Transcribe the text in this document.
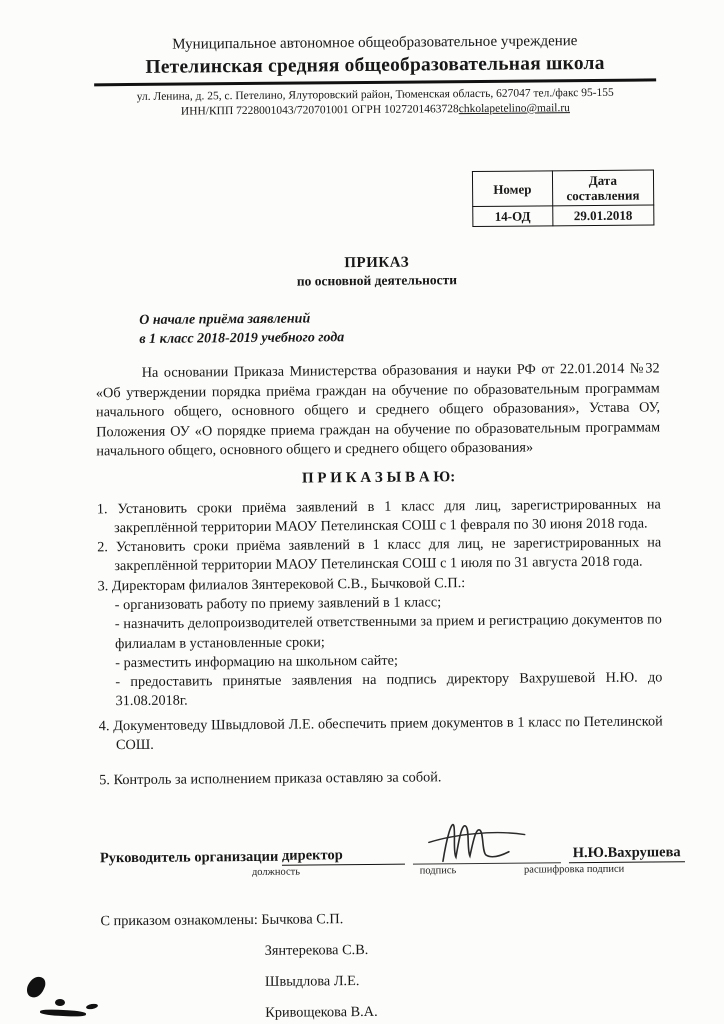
Муниципальное автономное общеобразовательное учреждение
Петелинская средняя общеобразовательная школа
ул. Ленина, д. 25, с. Петелино, Ялуторовский район, Тюменская область, 627047 тел./факс 95-155
ИНН/КПП 7228001043/720701001 ОГРН 1027201463728chkolapetelino@mail.ru
Номер	Дата составления
14-ОД	29.01.2018
ПРИКАЗ
по основной деятельности
О начале приёма заявлений
в 1 класс 2018-2019 учебного года

На основании Приказа Министерства образования и науки РФ от 22.01.2014 №32 «Об утверждении порядка приёма граждан на обучение по образовательным программам начального общего, основного общего и среднего общего образования», Устава ОУ, Положения ОУ «О порядке приема граждан на обучение по образовательным программам начального общего, основного общего и среднего общего образования»

П Р И К А З Ы В А Ю:

1. Установить сроки приёма заявлений в 1 класс для лиц, зарегистрированных на закреплённой территории МАОУ Петелинская СОШ с 1 февраля по 30 июня 2018 года.

2. Установить сроки приёма заявлений в 1 класс для лиц, не зарегистрированных на закреплённой территории МАОУ Петелинская СОШ с 1 июля по 31 августа 2018 года.

3. Директорам филиалов Зянтерековой С.В., Бычковой С.П.:

- организовать работу по приему заявлений в 1 класс;

- назначить делопроизводителей ответственными за прием и регистрацию документов по филиалам в установленные сроки;

- разместить информацию на школьном сайте;

- предоставить принятые заявления на подпись директору Вахрушевой Н.Ю. до 31.08.2018г.

4. Документоведу Швыдловой Л.Е. обеспечить прием документов в 1 класс по Петелинской СОШ.

5. Контроль за исполнением приказа оставляю за собой.

Руководитель организации
директор	Н.Ю.Вахрушева
должность	подпись	расшифровка подписи
С приказом ознакомлены: Бычкова С.П.
Зянтерекова С.В.
Швыдлова Л.Е.
Кривощекова В.А.
